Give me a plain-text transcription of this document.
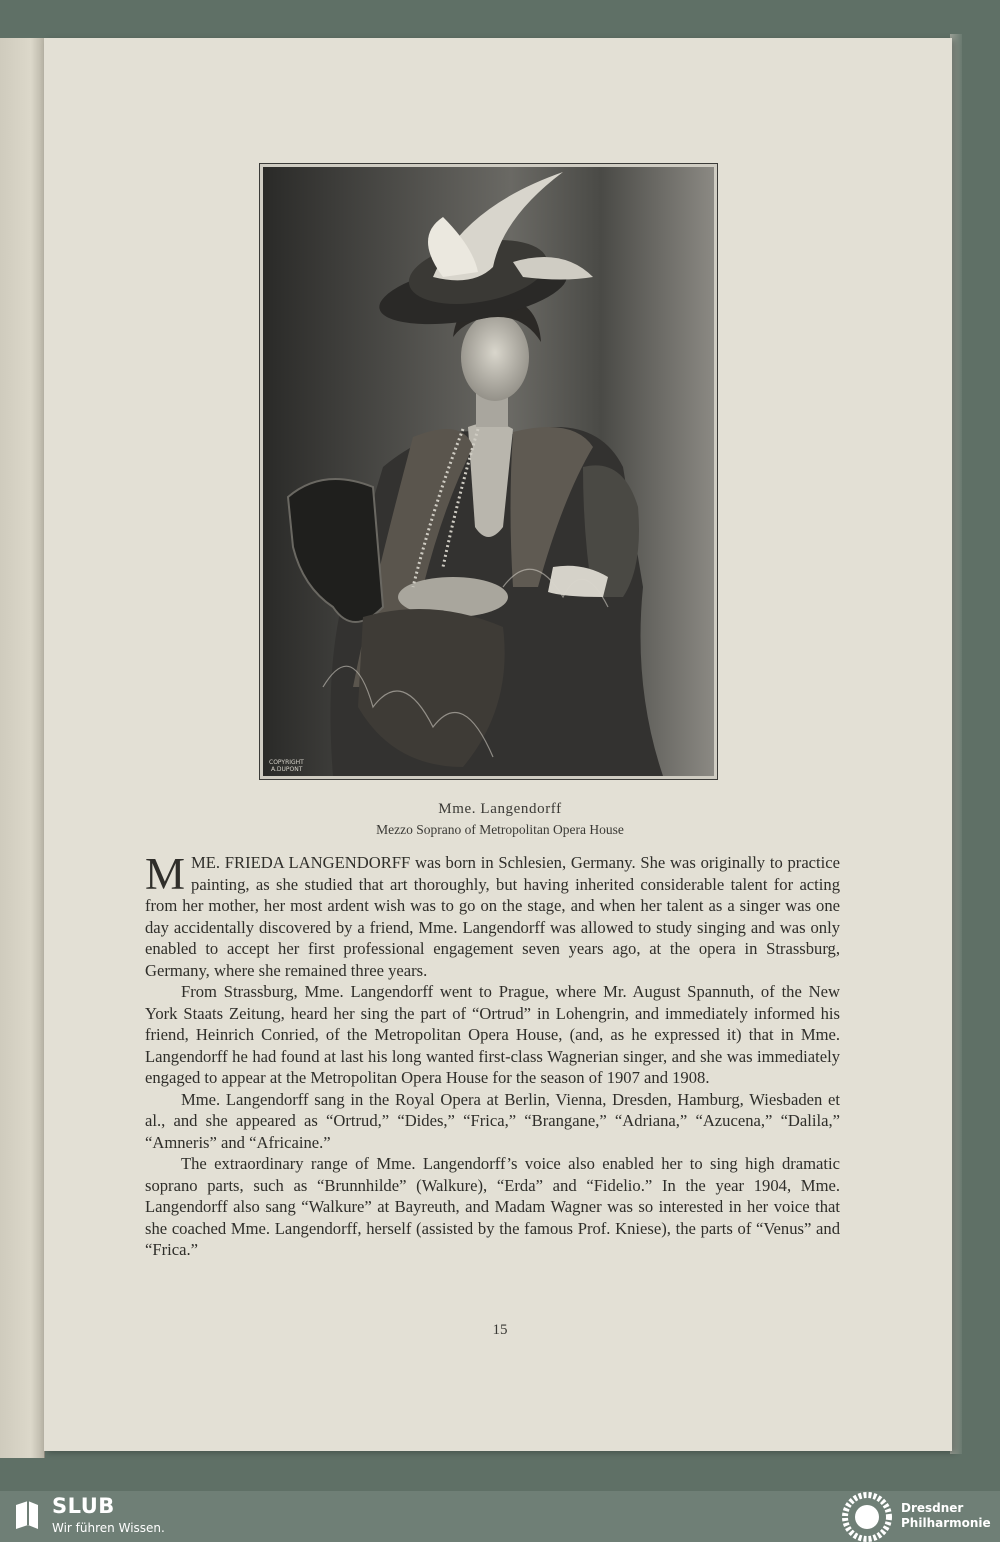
COPYRIGHT
A.DUPONT
Mme. Langendorff
Mezzo Soprano of Metropolitan Opera House

MME. FRIEDA LANGENDORFF was born in Schlesien, Germany. She was originally to practice painting, as she studied that art thoroughly, but having inherited considerable talent for acting from her mother, her most ardent wish was to go on the stage, and when her talent as a singer was one day accidentally discovered by a friend, Mme. Langendorff was allowed to study singing and was only enabled to accept her first professional engagement seven years ago, at the opera in Strassburg, Germany, where she remained three years.

From Strassburg, Mme. Langendorff went to Prague, where Mr. August Spannuth, of the New York Staats Zeitung, heard her sing the part of “Ortrud” in Lohengrin, and immediately informed his friend, Heinrich Conried, of the Metropolitan Opera House, (and, as he expressed it) that in Mme. Langendorff he had found at last his long wanted first-class Wagnerian singer, and she was immediately engaged to appear at the Metropolitan Opera House for the season of 1907 and 1908.

Mme. Langendorff sang in the Royal Opera at Berlin, Vienna, Dresden, Hamburg, Wiesbaden et al., and she appeared as “Ortrud,” “Dides,” “Frica,” “Brangane,” “Adriana,” “Azucena,” “Dalila,” “Amneris” and “Africaine.”

The extraordinary range of Mme. Langendorff’s voice also enabled her to sing high dramatic soprano parts, such as “Brunnhilde” (Walkure), “Erda” and “Fidelio.” In the year 1904, Mme. Langendorff also sang “Walkure” at Bayreuth, and Madam Wagner was so interested in her voice that she coached Mme. Langendorff, herself (assisted by the famous Prof. Kniese), the parts of “Venus” and “Frica.”

15
SLUB
Wir führen Wissen.
Dresdner
Philharmonie
